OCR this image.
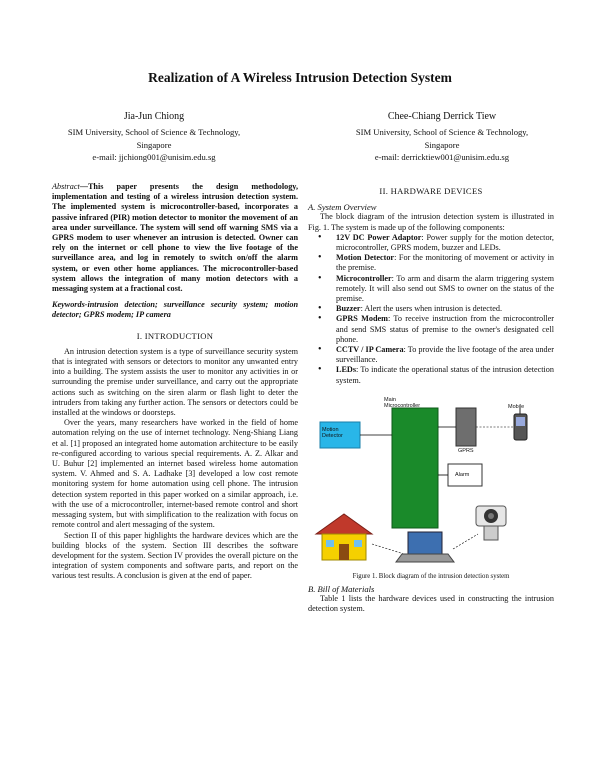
Realization of A Wireless Intrusion Detection System
Jia-Jun Chiong
SIM University, School of Science & Technology,
Singapore
e-mail: jjchiong001@unisim.edu.sg
Chee-Chiang Derrick Tiew
SIM University, School of Science & Technology,
Singapore
e-mail: derricktiew001@unisim.edu.sg

Abstract—This paper presents the design methodology, implementation and testing of a wireless intrusion detection system. The implemented system is microcontroller-based, incorporates a passive infrared (PIR) motion detector to monitor the movement of an area under surveillance. The system will send off warning SMS via a GPRS modem to user whenever an intrusion is detected. Owner can rely on the internet or cell phone to view the live footage of the surveillance area, and log in remotely to switch on/off the alarm system, or even other home appliances. The microcontroller-based system allows the integration of many motion detectors with a messaging system at a fractional cost.

Keywords-intrusion detection; surveillance security system; motion detector; GPRS modem; IP camera

I. INTRODUCTION

An intrusion detection system is a type of surveillance security system that is integrated with sensors or detectors to monitor any unwanted entry into a building. The system assists the user to monitor any activities in or surrounding the premise under surveillance, and carry out the appropriate actions such as switching on the siren alarm or flash light to deter the intruders from taking any further action. The sensors or detectors could be installed at the windows or doorsteps.

Over the years, many researchers have worked in the field of home automation relying on the use of internet technology. Neng-Shiang Liang et al. [1] proposed an integrated home automation architecture to be easily re-configured according to various special requirements. A. Z. Alkar and U. Buhur [2] implemented an internet based wireless home automation system. V. Ahmed and S. A. Ladhake [3] developed a low cost remote monitoring system for home automation using cell phone. The intrusion detection system reported in this paper worked on a similar approach, i.e. with the use of a microcontroller, internet-based remote control and short messaging system, but with simplification to the realization with focus on remote control and alert messaging of the system.

Section II of this paper highlights the hardware devices which are the building blocks of the system. Section III describes the software development for the system. Section IV provides the overall picture on the integration of system components and software parts, and report on the various test results. A conclusion is given at the end of paper.

II. HARDWARE DEVICES

A. System Overview

The block diagram of the intrusion detection system is illustrated in Fig. 1. The system is made up of the following components:

• 12V DC Power Adaptor: Power supply for the motion detector, microcontroller, GPRS modem, buzzer and LEDs.
• Motion Detector: For the monitoring of movement or activity in the premise.
• Microcontroller: To arm and disarm the alarm triggering system remotely. It will also send out SMS to owner on the status of the premise.
• Buzzer: Alert the users when intrusion is detected.
• GPRS Modem: To receive instruction from the microcontroller and send SMS status of premise to the owner's designated cell phone.
• CCTV / IP Camera: To provide the live footage of the area under surveillance.
• LEDs: To indicate the operational status of the intrusion detection system.
Main
Microcontroller
Motion Detector
GPRS
Alarm
Mobile
Figure 1. Block diagram of the intrusion detection system

B. Bill of Materials

Table 1 lists the hardware devices used in constructing the intrusion detection system.
